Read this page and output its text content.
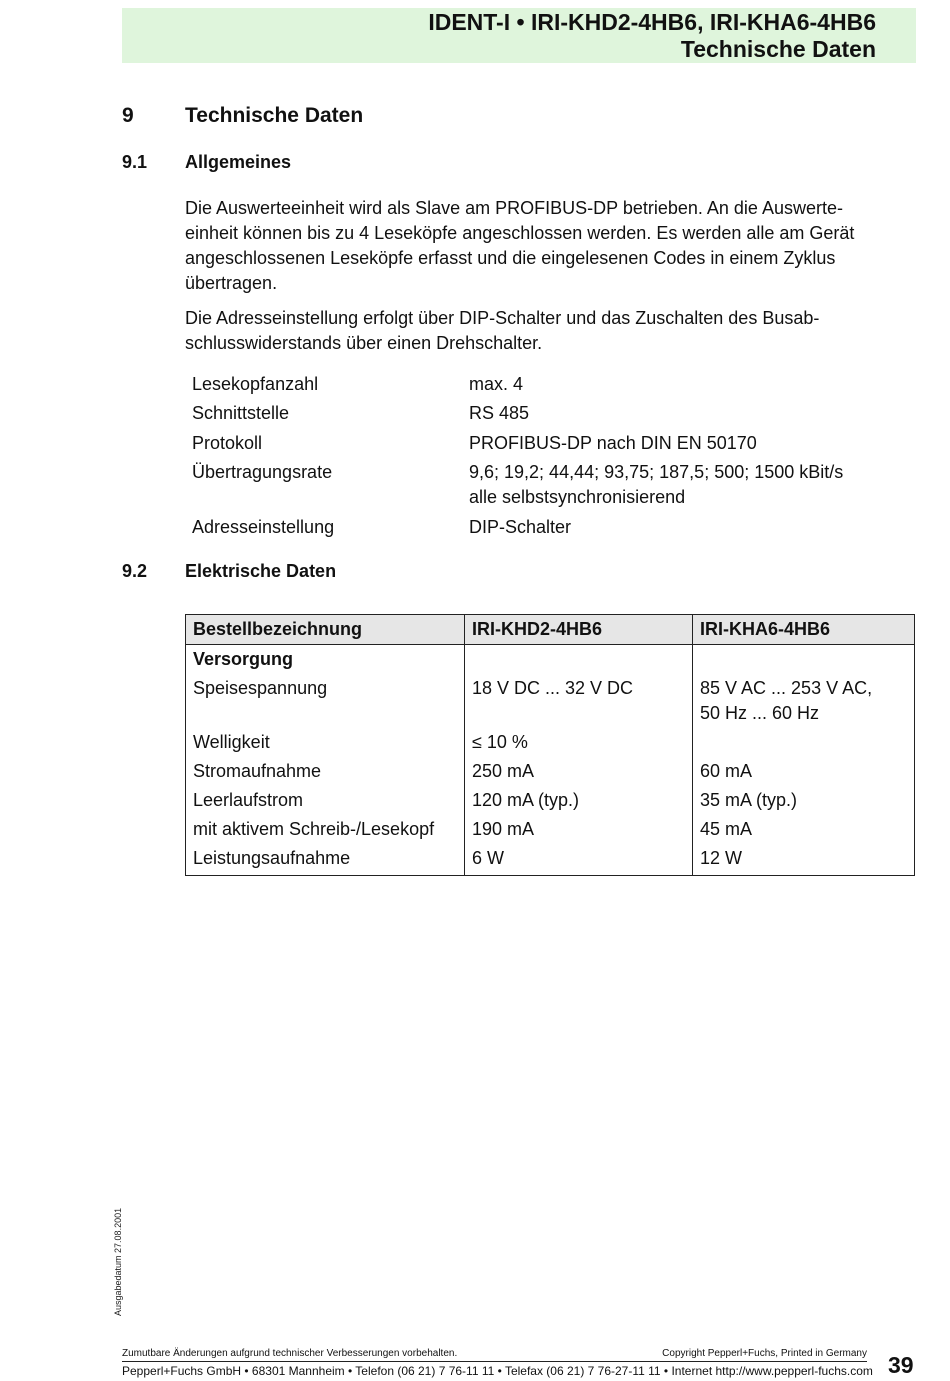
IDENT-I • IRI-KHD2-4HB6, IRI-KHA6-4HB6
Technische Daten
9 Technische Daten
9.1 Allgemeines
Die Auswerteeinheit wird als Slave am PROFIBUS-DP betrieben. An die Auswerte-
einheit können bis zu 4 Leseköpfe angeschlossen werden. Es werden alle am Gerät
angeschlossenen Leseköpfe erfasst und die eingelesenen Codes in einem Zyklus
übertragen.
Die Adresseinstellung erfolgt über DIP-Schalter und das Zuschalten des Busab-
schlusswiderstands über einen Drehschalter.
Lesekopfanzahl	max. 4
Schnittstelle	RS 485
Protokoll	PROFIBUS-DP nach DIN EN 50170
Übertragungsrate	9,6; 19,2; 44,44; 93,75; 187,5; 500; 1500 kBit/s
alle selbstsynchronisierend
Adresseinstellung	DIP-Schalter
9.2 Elektrische Daten
Bestellbezeichnung	IRI-KHD2-4HB6	IRI-KHA6-4HB6
Versorgung		
Speisespannung	18 V DC ... 32 V DC	85 V AC ... 253 V AC,
50 Hz ... 60 Hz

Welligkeit	≤ 10 %	
Stromaufnahme	250 mA	60 mA
Leerlaufstrom	120 mA (typ.)	35 mA (typ.)
mit aktivem Schreib-/Lesekopf	190 mA	45 mA
Leistungsaufnahme	6 W	12 W
Ausgabedatum 27.08.2001
Zumutbare Änderungen aufgrund technischer Verbesserungen vorbehalten.	Copyright Pepperl+Fuchs, Printed in Germany
Pepperl+Fuchs GmbH • 68301 Mannheim • Telefon (06 21) 7 76-11 11 • Telefax (06 21) 7 76-27-11 11 • Internet http://www.pepperl-fuchs.com 39
